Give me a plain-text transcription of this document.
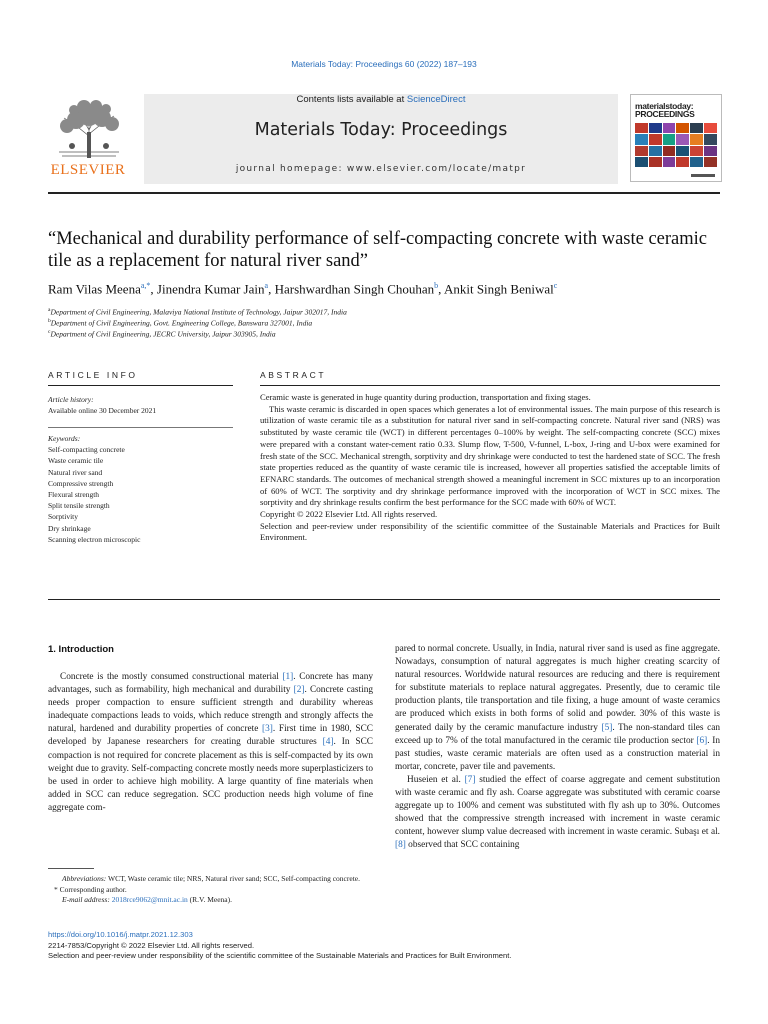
Materials Today: Proceedings 60 (2022) 187–193
ELSEVIER
Contents lists available at ScienceDirect
Materials Today: Proceedings
journal homepage: www.elsevier.com/locate/matpr
materialstoday: PROCEEDINGS
“Mechanical and durability performance of self-compacting concrete with waste ceramic tile as a replacement for natural river sand”
Ram Vilas Meena$^{a,*}$, Jinendra Kumar Jain$^a$, Harshwardhan Singh Chouhan$^b$, Ankit Singh Beniwal$^c$
$^a$Department of Civil Engineering, Malaviya National Institute of Technology, Jaipur 302017, India
$^b$Department of Civil Engineering, Govt. Engineering College, Banswara 327001, India
$^c$Department of Civil Engineering, JECRC University, Jaipur 303905, India
ARTICLE INFO
Article history:
Available online 30 December 2021
Keywords:
Self-compacting concrete
Waste ceramic tile
Natural river sand
Compressive strength
Flexural strength
Split tensile strength
Sorptivity
Dry shrinkage
Scanning electron microscopic
ABSTRACT

Ceramic waste is generated in huge quantity during production, transportation and fixing stages.

This waste ceramic is discarded in open spaces which generates a lot of environmental issues. The main purpose of this research is utilization of waste ceramic tile as a substitution for natural river sand in self-compacting concrete. Natural river sand (NRS) was substituted by waste ceramic tile (WCT) in different percentages 0–100% by weight. The self-compacting concrete (SCC) mixes were prepared with a constant water-cement ratio 0.33. Slump flow, T-500, V-funnel, L-box, J-ring and U-box were examined for fresh state of the SCC. Mechanical strength, sorptivity and dry shrinkage were conducted to test the hardened state of SCC. The fresh state properties reduced as the quantity of waste ceramic tile is increased, however all properties satisfied the acceptable limits of EFNARC standards. The outcomes of mechanical strength showed a meaningful increment in SCC mixtures up to an incorporation of 60% of WCT. The sorptivity and dry shrinkage performance improved with the incorporation of WCT in SCC mixes. The sorptivity and dry shrinkage results confirm the best performance for the SCC made with 60% of WCT.

Copyright © 2022 Elsevier Ltd. All rights reserved.

Selection and peer-review under responsibility of the scientific committee of the Sustainable Materials and Practices for Built Environment.

1. Introduction

Concrete is the mostly consumed constructional material [1]. Concrete has many advantages, such as formability, high mechanical and durability [2]. Concrete casting needs proper compaction to ensure sufficient strength and durability whereas inadequate compactions leads to voids, which reduce strength and strongly affects the natural, hardened and durability properties of concrete [3]. First time in 1980, SCC developed by Japanese researchers for creating durable structures [4]. In SCC compaction is not required for concrete placement as this is self-compacted by its own weight due to gravity. Self-compacting concrete mostly needs more superplasticizers to be used in order to achieve high mobility. A large quantity of fine materials when added in SCC can reduce segregation. SCC production needs high volume of fine aggregate com-

pared to normal concrete. Usually, in India, natural river sand is used as fine aggregate. Nowadays, consumption of natural aggregates is much higher creating scarcity of natural resources. Worldwide natural resources are reducing and there is requirement for substitute materials to replace natural aggregates. Presently, due to ceramic tile production plants, tile transportation and tile fixing, a huge amount of waste ceramics are produced which exists in both forms of solid and powder. 30% of this waste is generated daily by the ceramic manufacture industry [5]. The non-standard tiles can exceed up to 7% of the total manufactured in the ceramic tile production sector [6]. In past studies, waste ceramic materials are often used as a construction material in mortar, concrete, paver tile and pavements.

Huseien et al. [7] studied the effect of coarse aggregate and cement substitution with waste ceramic and fly ash. Coarse aggregate was substituted with ceramic coarse aggregate up to 100% and cement was substituted with fly ash up to 30%. Outcomes showed that the compressive strength increased with increment in waste ceramic content, however slump value decreased with increment in waste ceramic. Subaşı et al. [8] observed that SCC containing

Abbreviations: WCT, Waste ceramic tile; NRS, Natural river sand; SCC, Self-compacting concrete.

* Corresponding author.

E-mail address: 2018rce9062@mnit.ac.in (R.V. Meena).

https://doi.org/10.1016/j.matpr.2021.12.303
2214-7853/Copyright © 2022 Elsevier Ltd. All rights reserved.
Selection and peer-review under responsibility of the scientific committee of the Sustainable Materials and Practices for Built Environment.
